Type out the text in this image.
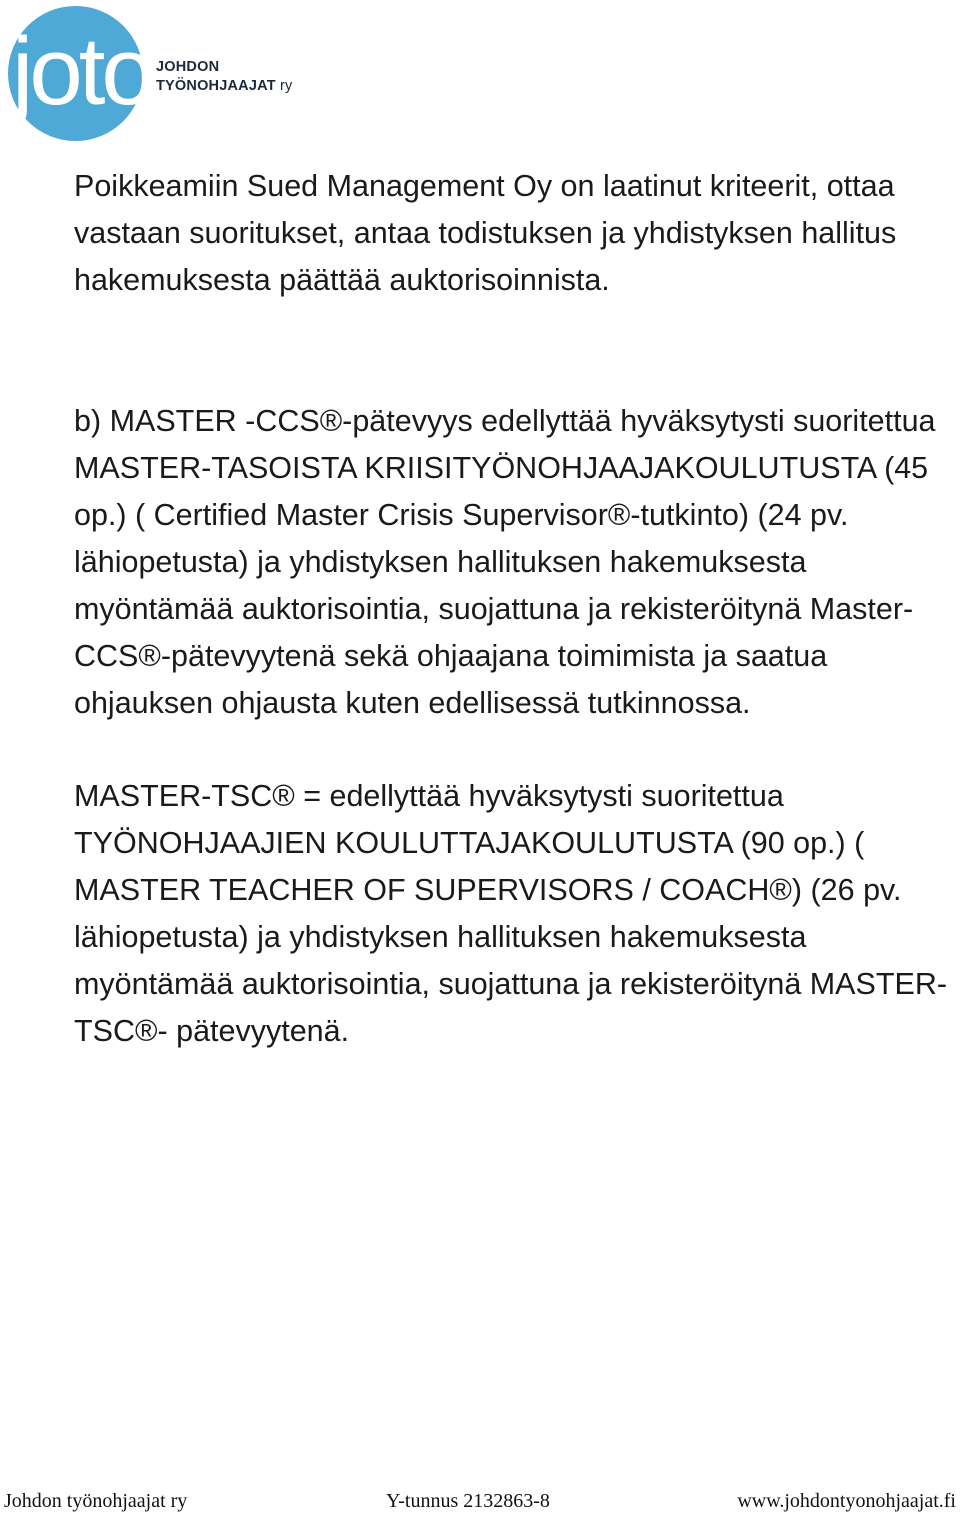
joto JOHDON
TYÖNOHJAAJAT ry

Poikkeamiin Sued Management Oy on laatinut kriteerit, ottaa vastaan suoritukset, antaa todistuksen ja yhdistyksen hallitus hakemuksesta päättää auktorisoinnista.

b) MASTER -CCS®-pätevyys edellyttää hyväksytysti suoritettua MASTER-TASOISTA KRIISITYÖNOHJAAJAKOULUTUSTA (45 op.) ( Certified Master Crisis Supervisor®-tutkinto) (24 pv. lähiopetusta) ja yhdistyksen hallituksen hakemuksesta myöntämää auktorisointia, suojattuna ja rekisteröitynä Master- CCS®-pätevyytenä sekä ohjaajana toimimista ja saatua ohjauksen ohjausta kuten edellisessä tutkinnossa.

MASTER-TSC® = edellyttää hyväksytysti suoritettua TYÖNOHJAAJIEN KOULUTTAJAKOULUTUSTA (90 op.) ( MASTER TEACHER OF SUPERVISORS / COACH®) (26 pv. lähiopetusta) ja yhdistyksen hallituksen hakemuksesta myöntämää auktorisointia, suojattuna ja rekisteröitynä MASTER- TSC®- pätevyytenä.

Johdon työnohjaajat ry	Y-tunnus 2132863-8	www.johdontyonohjaajat.fi
